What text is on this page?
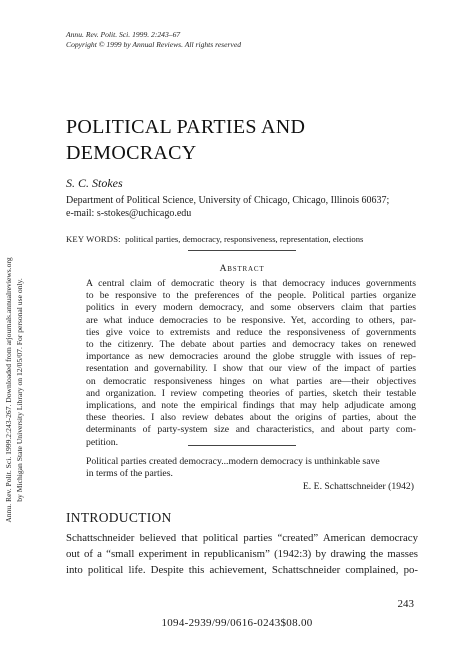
Annu. Rev. Polit. Sci. 1999. 2:243–67
Copyright © 1999 by Annual Reviews. All rights reserved
Annu. Rev. Polit. Sci. 1999.2:243-267. Downloaded from arjournals.annualreviews.org by Michigan State University Library on 12/05/07. For personal use only.
POLITICAL PARTIES AND
DEMOCRACY
S. C. Stokes
Department of Political Science, University of Chicago, Chicago, Illinois 60637;
e-mail: s-stokes@uchicago.edu
KEY WORDS: political parties, democracy, responsiveness, representation, elections
Abstract
A central claim of democratic theory is that democracy induces governments
to be responsive to the preferences of the people. Political parties organize
politics in every modern democracy, and some observers claim that parties
are what induce democracies to be responsive. Yet, according to others, par-
ties give voice to extremists and reduce the responsiveness of governments
to the citizenry. The debate about parties and democracy takes on renewed
importance as new democracies around the globe struggle with issues of rep-
resentation and governability. I show that our view of the impact of parties
on democratic responsiveness hinges on what parties are—their objectives
and organization. I review competing theories of parties, sketch their testable
implications, and note the empirical findings that may help adjudicate among
these theories. I also review debates about the origins of parties, about the
determinants of party-system size and characteristics, and about party com-
petition.
Political parties created democracy...modern democracy is unthinkable save
in terms of the parties.
E. E. Schattschneider (1942)
INTRODUCTION
Schattschneider believed that political parties “created” American democracy
out of a “small experiment in republicanism” (1942:3) by drawing the masses
into political life. Despite this achievement, Schattschneider complained, po-
243
1094-2939/99/0616-0243$08.00
